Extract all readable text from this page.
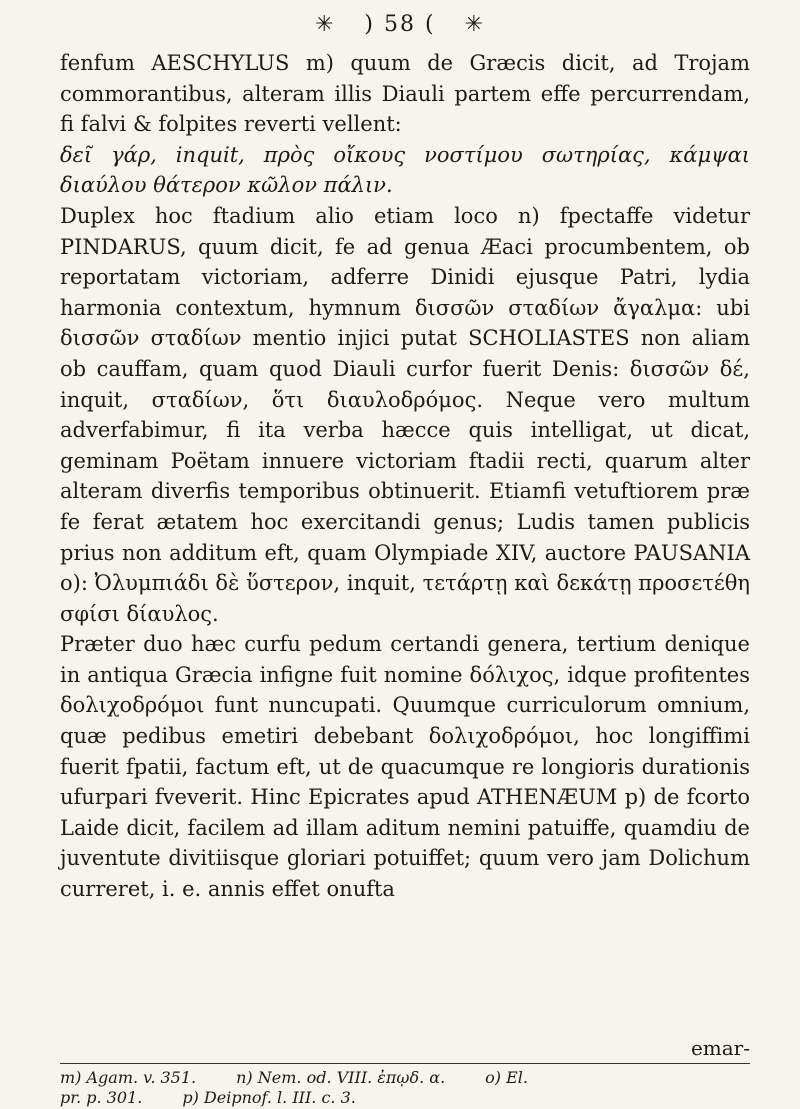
✳ ) 58 ( ✳

fenfum AESCHYLUS m) quum de Græcis dicit, ad Trojam commorantibus, alteram illis Diauli partem effe percurrendam, fi falvi & folpites reverti vellent:

δεῖ γάρ, inquit, πρὸς οἴκους νοστίμου σωτηρίας, κάμψαι διαύλου θάτερον κῶλον πάλιν.

Duplex hoc ftadium alio etiam loco n) fpectaffe videtur PINDARUS, quum dicit, fe ad genua Æaci procumbentem, ob reportatam victoriam, adferre Dinidi ejusque Patri, lydia harmonia contextum, hymnum δισσῶν σταδίων ἄγαλμα: ubi δισσῶν σταδίων mentio injici putat SCHOLIASTES non aliam ob cauffam, quam quod Diauli curfor fuerit Denis: δισσῶν δέ, inquit, σταδίων, ὅτι διαυλοδρόμος. Neque vero multum adverfabimur, fi ita verba hæcce quis intelligat, ut dicat, geminam Poëtam innuere victoriam ftadii recti, quarum alter alteram diverfis temporibus obtinuerit. Etiamfi vetuftiorem præ fe ferat ætatem hoc exercitandi genus; Ludis tamen publicis prius non additum eft, quam Olympiade XIV, auctore PAUSANIA o): Ὀλυμπιάδι δὲ ὕστερον, inquit, τετάρτῃ καὶ δεκάτῃ προσετέθη σφίσι δίαυλος.

Præter duo hæc curfu pedum certandi genera, tertium denique in antiqua Græcia infigne fuit nomine δόλιχος, idque profitentes δολιχοδρόμοι funt nuncupati. Quumque curriculorum omnium, quæ pedibus emetiri debebant δολιχοδρόμοι, hoc longiffimi fuerit fpatii, factum eft, ut de quacumque re longioris durationis ufurpari fveverit. Hinc Epicrates apud ATHENÆUM p) de fcorto Laide dicit, facilem ad illam aditum nemini patuiffe, quamdiu de juventute divitiisque gloriari potuiffet; quum vero jam Dolichum curreret, i. e. annis effet onufta

emar-
m) Agam. v. 351.	n) Nem. od. VIII. ἐπῳδ. α.	o) El.
pr. p. 301.	p) Deipnof. l. III. c. 3.
